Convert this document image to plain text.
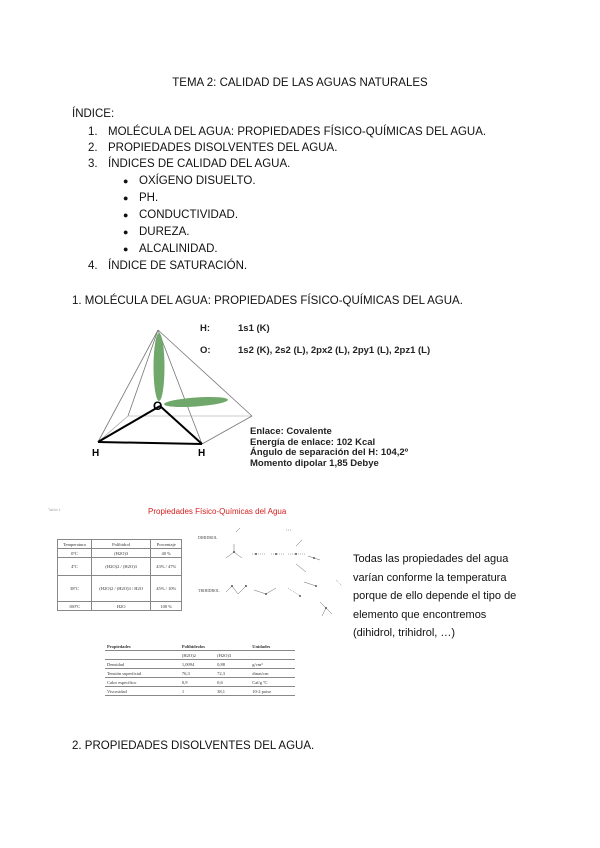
TEMA 2: CALIDAD DE LAS AGUAS NATURALES
ÍNDICE:
1. MOLÉCULA DEL AGUA: PROPIEDADES FÍSICO-QUÍMICAS DEL AGUA.
2. PROPIEDADES DISOLVENTES DEL AGUA.
3. ÍNDICES DE CALIDAD DEL AGUA.
● OXÍGENO DISUELTO.
● PH.
● CONDUCTIVIDAD.
● DUREZA.
● ALCALINIDAD.
4. ÍNDICE DE SATURACIÓN.
1. MOLÉCULA DEL AGUA: PROPIEDADES FÍSICO-QUÍMICAS DEL AGUA.
O
H	H
H:	1s1 (K)
O:	1s2 (K), 2s2 (L), 2px2 (L), 2py1 (L), 2pz1 (L)
Enlace: Covalente
Energía de enlace: 102 Kcal
Ángulo de separación del H: 104,2º
Momento dipolar 1,85 Debye
Tabla 1	Propiedades Físico-Químicas del Agua
Temperatura	Polihidrol	Porcentaje
0ºC	(H2O)3	40 %
4ºC	(H2O)2 / (H2O)3	43% / 47%
38ºC	(H2O)2 / (H2O)3 / H2O	45% / 10%
100ºC	H2O	100 %
DIHIDROL
TRIHIDROL
Todas las propiedades del agua varían conforme la temperatura porque de ello depende el tipo de elemento que encontremos (dihidrol, trihidrol, …)
Propiedades	Polihidrolos		Unidades
	(H2O)2	(H2O)3	
Densidad	1,0094	0,88	g/cm³
Tensión superficial	76,3	72,3	dinas/cm
Calor específico	0,9	0,6	Cal/g ºC
Viscosidad	1	38,1	10-2 poise
2. PROPIEDADES DISOLVENTES DEL AGUA.
